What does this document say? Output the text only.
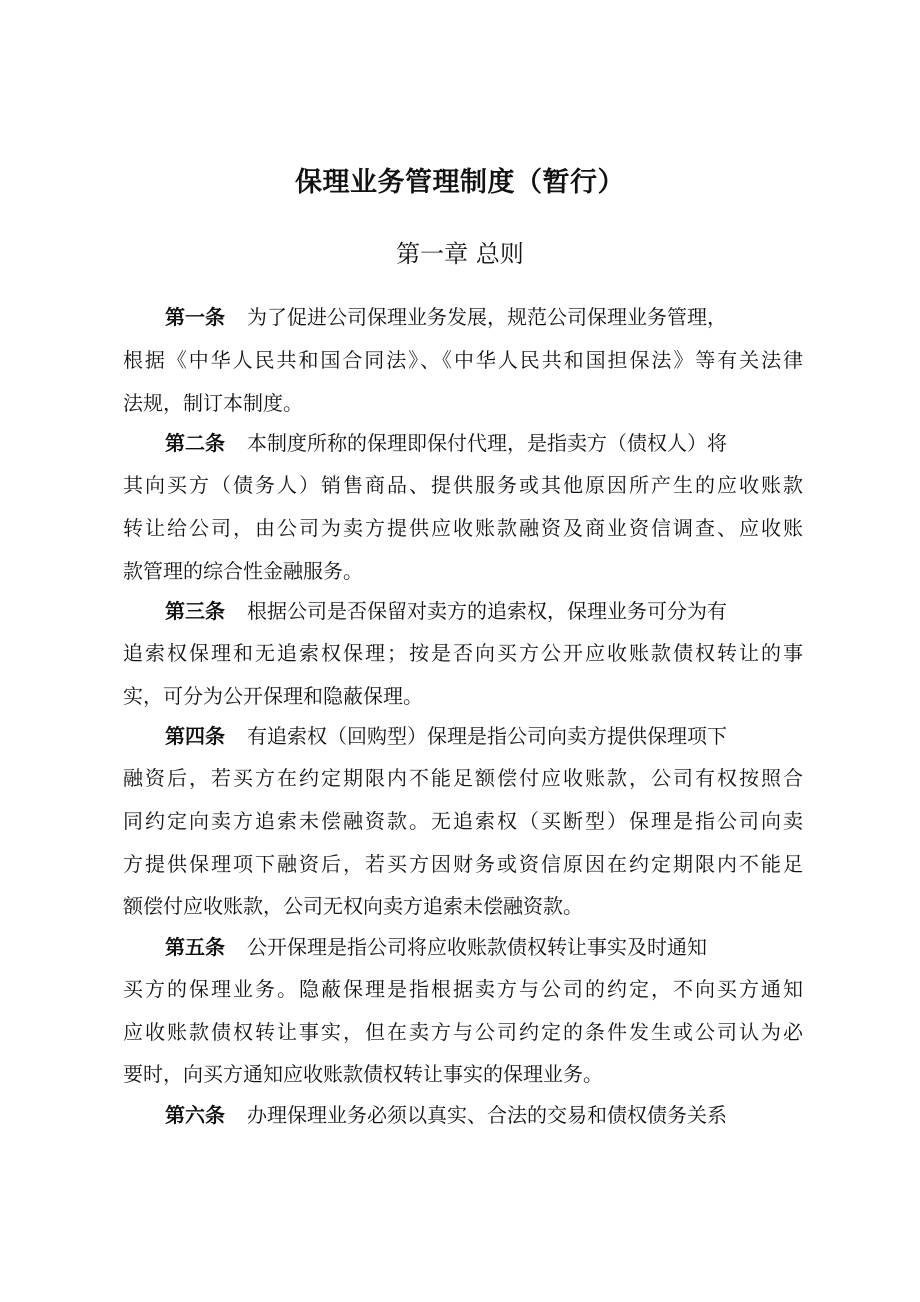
保理业务管理制度（暂行）
第一章 总则
第一条 为了促进公司保理业务发展，规范公司保理业务管理，
根据《中华人民共和国合同法》、《中华人民共和国担保法》等有关法律
法规，制订本制度。
第二条 本制度所称的保理即保付代理，是指卖方（债权人）将
其向买方（债务人）销售商品、提供服务或其他原因所产生的应收账款
转让给公司，由公司为卖方提供应收账款融资及商业资信调查、应收账
款管理的综合性金融服务。
第三条 根据公司是否保留对卖方的追索权，保理业务可分为有
追索权保理和无追索权保理；按是否向买方公开应收账款债权转让的事
实，可分为公开保理和隐蔽保理。
第四条 有追索权（回购型）保理是指公司向卖方提供保理项下
融资后，若买方在约定期限内不能足额偿付应收账款，公司有权按照合
同约定向卖方追索未偿融资款。无追索权（买断型）保理是指公司向卖
方提供保理项下融资后，若买方因财务或资信原因在约定期限内不能足
额偿付应收账款，公司无权向卖方追索未偿融资款。
第五条 公开保理是指公司将应收账款债权转让事实及时通知
买方的保理业务。隐蔽保理是指根据卖方与公司的约定，不向买方通知
应收账款债权转让事实，但在卖方与公司约定的条件发生或公司认为必
要时，向买方通知应收账款债权转让事实的保理业务。
第六条 办理保理业务必须以真实、合法的交易和债权债务关系
